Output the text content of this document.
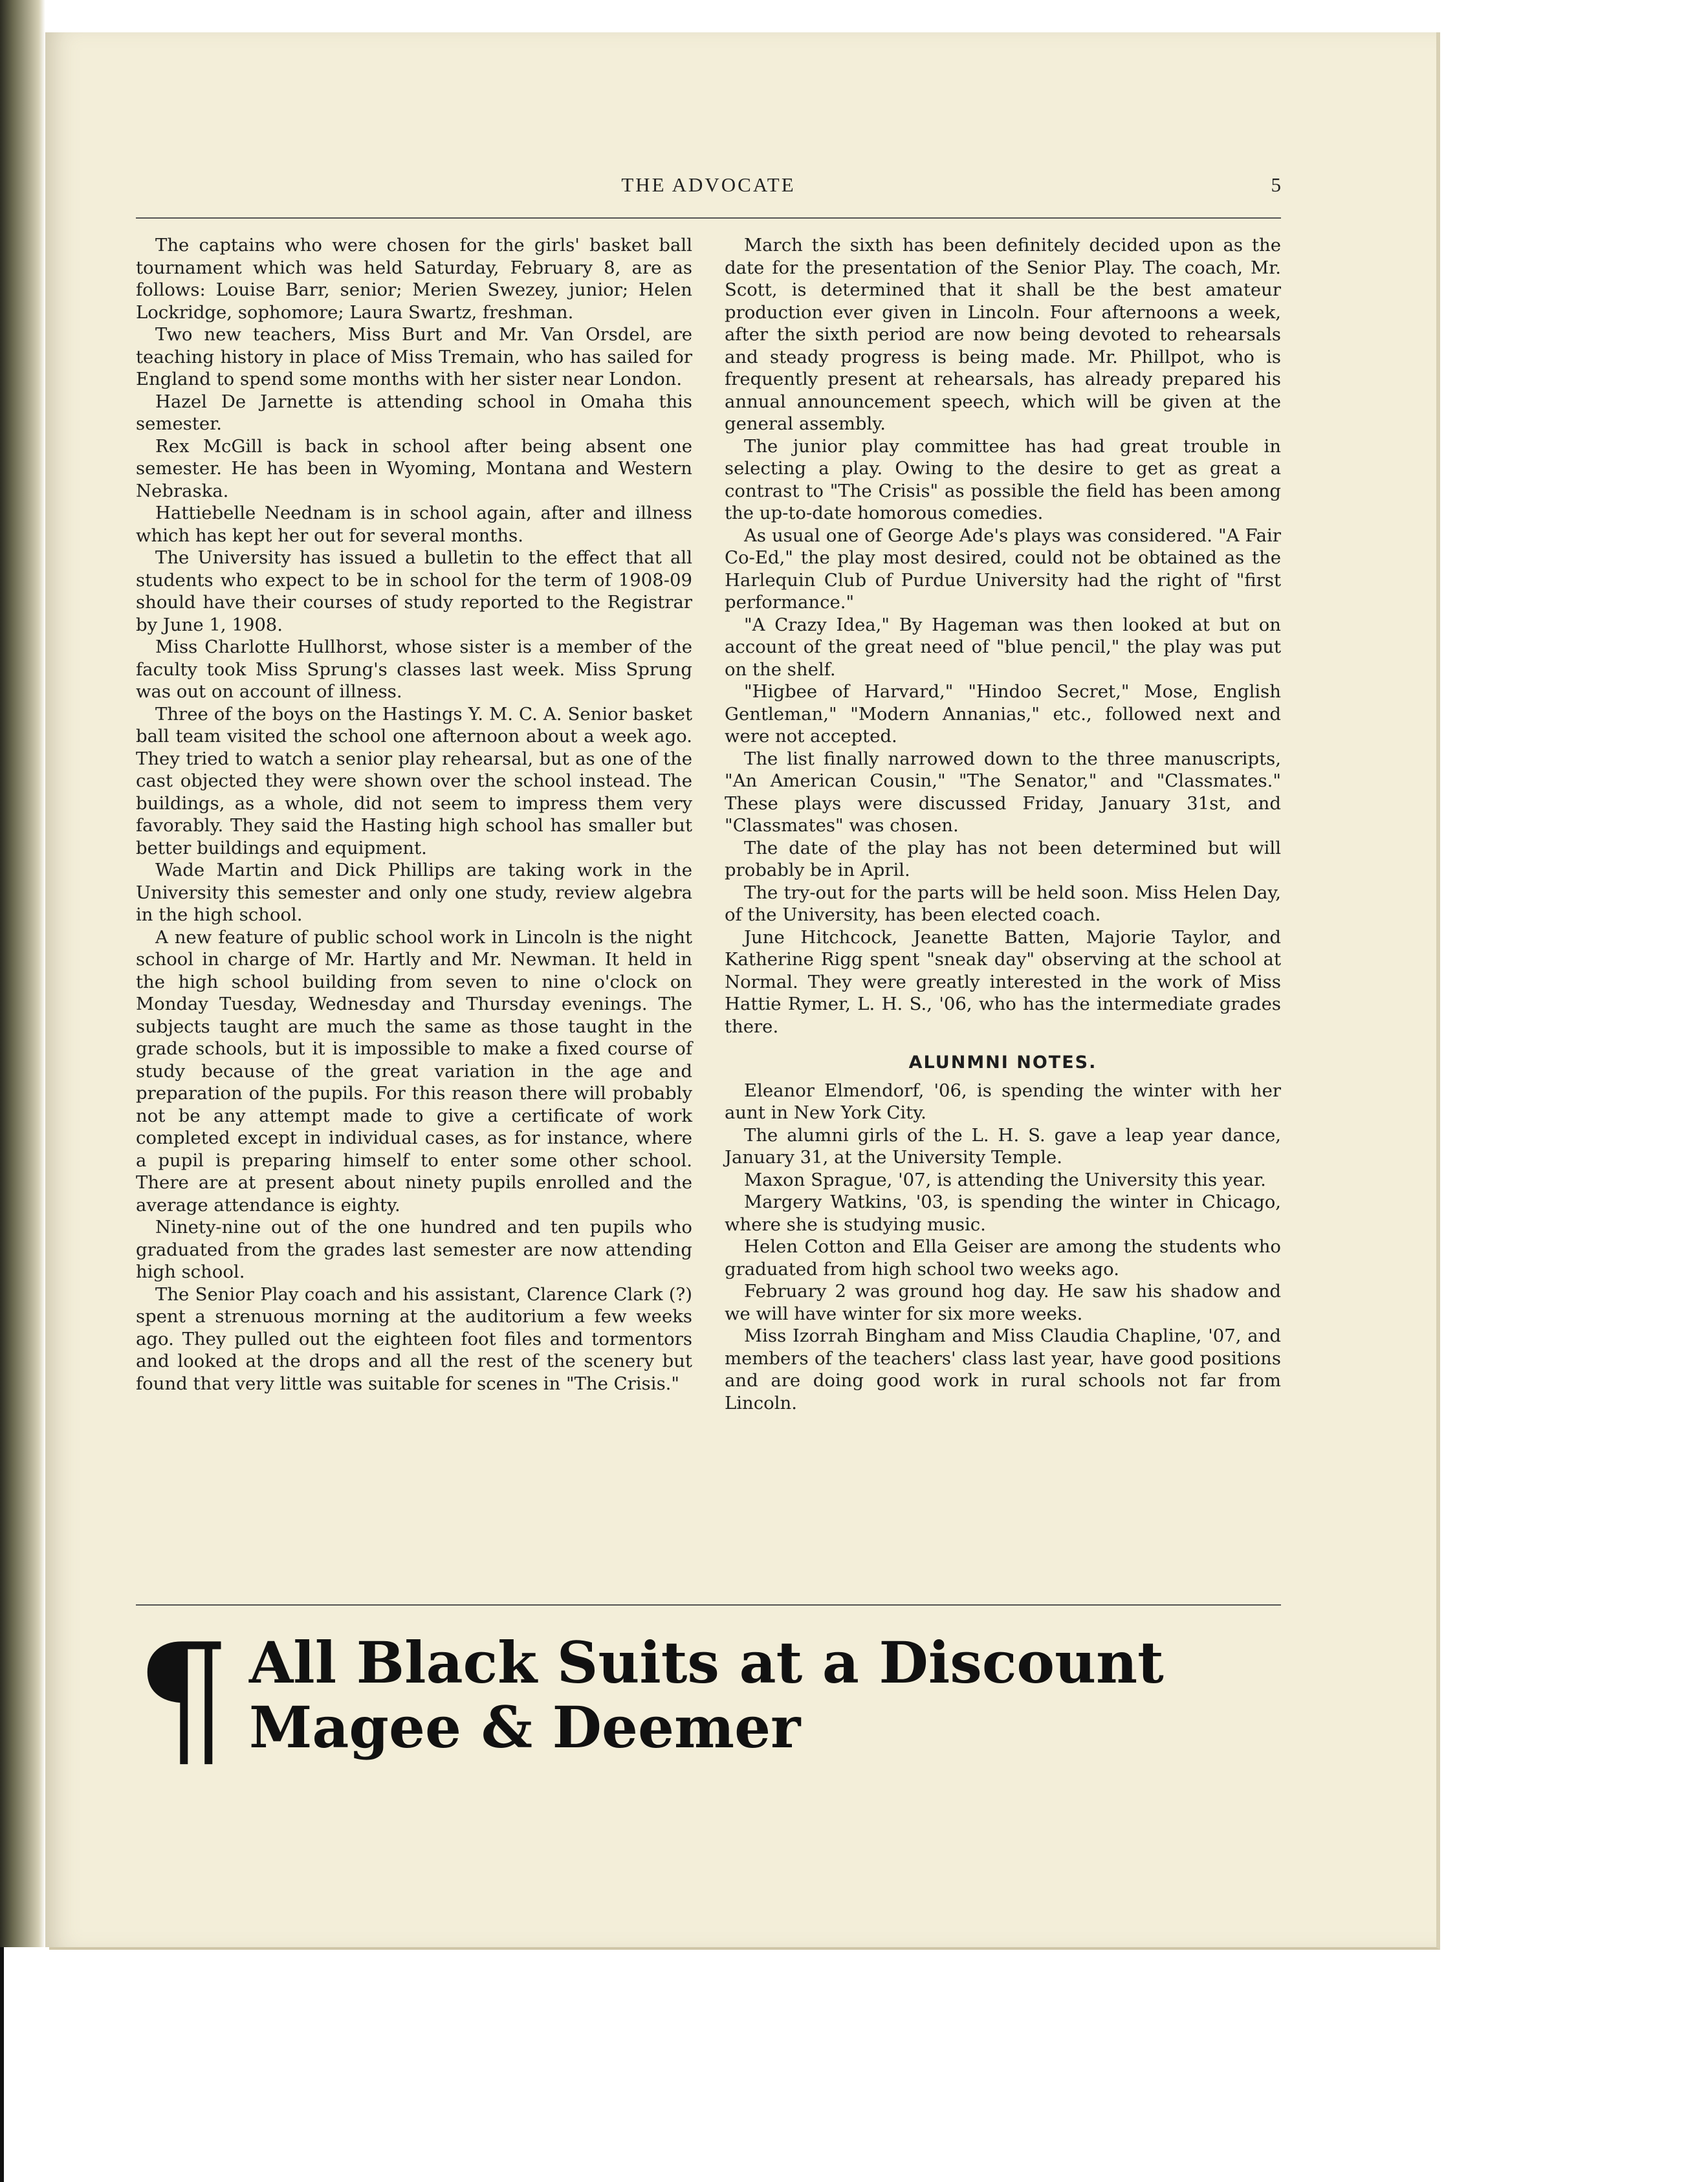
THE ADVOCATE	5

The captains who were chosen for the girls' basket ball tournament which was held Saturday, February 8, are as follows: Louise Barr, senior; Merien Swezey, junior; Helen Lockridge, sophomore; Laura Swartz, freshman.

Two new teachers, Miss Burt and Mr. Van Orsdel, are teaching history in place of Miss Tremain, who has sailed for England to spend some months with her sister near London.

Hazel De Jarnette is attending school in Omaha this semester.

Rex McGill is back in school after being absent one semester. He has been in Wyoming, Montana and Western Nebraska.

Hattiebelle Neednam is in school again, after and illness which has kept her out for several months.

The University has issued a bulletin to the effect that all students who expect to be in school for the term of 1908-09 should have their courses of study reported to the Registrar by June 1, 1908.

Miss Charlotte Hullhorst, whose sister is a member of the faculty took Miss Sprung's classes last week. Miss Sprung was out on account of illness.

Three of the boys on the Hastings Y. M. C. A. Senior basket ball team visited the school one afternoon about a week ago. They tried to watch a senior play rehearsal, but as one of the cast objected they were shown over the school instead. The buildings, as a whole, did not seem to impress them very favorably. They said the Hasting high school has smaller but better buildings and equipment.

Wade Martin and Dick Phillips are taking work in the University this semester and only one study, review algebra in the high school.

A new feature of public school work in Lincoln is the night school in charge of Mr. Hartly and Mr. Newman. It held in the high school building from seven to nine o'clock on Monday Tuesday, Wednesday and Thursday evenings. The subjects taught are much the same as those taught in the grade schools, but it is impossible to make a fixed course of study because of the great variation in the age and preparation of the pupils. For this reason there will probably not be any attempt made to give a certificate of work completed except in individual cases, as for instance, where a pupil is preparing himself to enter some other school. There are at present about ninety pupils enrolled and the average attendance is eighty.

Ninety-nine out of the one hundred and ten pupils who graduated from the grades last semester are now attending high school.

The Senior Play coach and his assistant, Clarence Clark (?) spent a strenuous morning at the auditorium a few weeks ago. They pulled out the eighteen foot files and tormentors and looked at the drops and all the rest of the scenery but found that very little was suitable for scenes in "The Crisis."

March the sixth has been definitely decided upon as the date for the presentation of the Senior Play. The coach, Mr. Scott, is determined that it shall be the best amateur production ever given in Lincoln. Four afternoons a week, after the sixth period are now being devoted to rehearsals and steady progress is being made. Mr. Phillpot, who is frequently present at rehearsals, has already prepared his annual announcement speech, which will be given at the general assembly.

The junior play committee has had great trouble in selecting a play. Owing to the desire to get as great a contrast to "The Crisis" as possible the field has been among the up-to-date homorous comedies.

As usual one of George Ade's plays was considered. "A Fair Co-Ed," the play most desired, could not be obtained as the Harlequin Club of Purdue University had the right of "first performance."

"A Crazy Idea," By Hageman was then looked at but on account of the great need of "blue pencil," the play was put on the shelf.

"Higbee of Harvard," "Hindoo Secret," Mose, English Gentleman," "Modern Annanias," etc., followed next and were not accepted.

The list finally narrowed down to the three manuscripts, "An American Cousin," "The Senator," and "Classmates." These plays were discussed Friday, January 31st, and "Classmates" was chosen.

The date of the play has not been determined but will probably be in April.

The try-out for the parts will be held soon. Miss Helen Day, of the University, has been elected coach.

June Hitchcock, Jeanette Batten, Majorie Taylor, and Katherine Rigg spent "sneak day" observing at the school at Normal. They were greatly interested in the work of Miss Hattie Rymer, L. H. S., '06, who has the intermediate grades there.

ALUNMNI NOTES.

Eleanor Elmendorf, '06, is spending the winter with her aunt in New York City.

The alumni girls of the L. H. S. gave a leap year dance, January 31, at the University Temple.

Maxon Sprague, '07, is attending the University this year.

Margery Watkins, '03, is spending the winter in Chicago, where she is studying music.

Helen Cotton and Ella Geiser are among the students who graduated from high school two weeks ago.

February 2 was ground hog day. He saw his shadow and we will have winter for six more weeks.

Miss Izorrah Bingham and Miss Claudia Chapline, '07, and members of the teachers' class last year, have good positions and are doing good work in rural schools not far from Lincoln.

¶ All Black Suits at a Discount
Magee & Deemer
